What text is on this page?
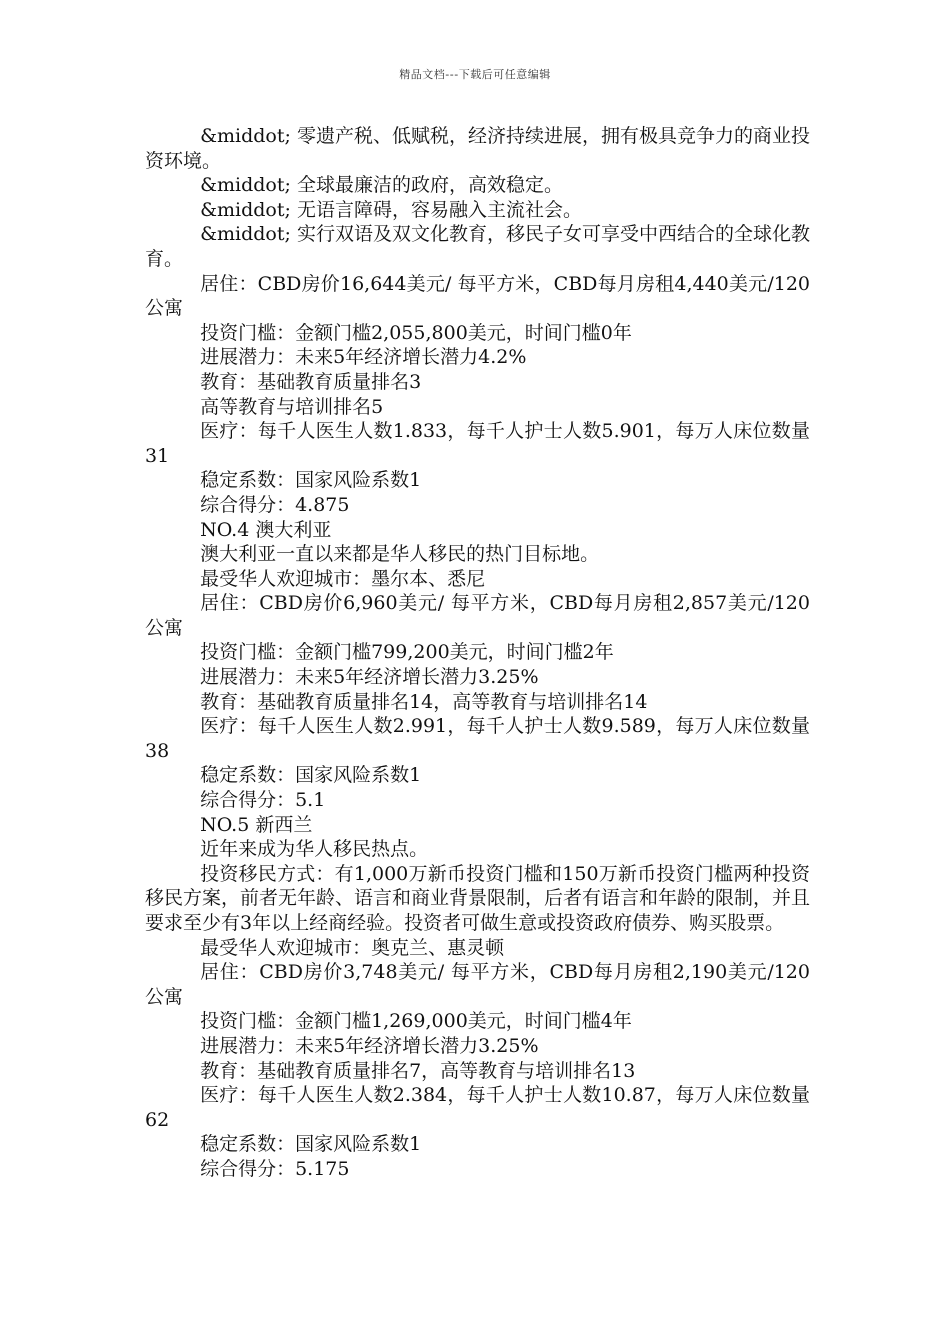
精品文档---下载后可任意编辑

&middot; 零遗产税、低赋税，经济持续进展，拥有极具竞争力的商业投资环境。

&middot; 全球最廉洁的政府，高效稳定。

&middot; 无语言障碍，容易融入主流社会。

&middot; 实行双语及双文化教育，移民子女可享受中西结合的全球化教育。

居住：CBD房价16,644美元/ 每平方米，CBD每月房租4,440美元/120 公寓

投资门槛：金额门槛2,055,800美元，时间门槛0年

进展潜力：未来5年经济增长潜力4.2%

教育：基础教育质量排名3

高等教育与培训排名5

医疗：每千人医生人数1.833，每千人护士人数5.901，每万人床位数量31

稳定系数：国家风险系数1

综合得分：4.875

NO.4 澳大利亚

澳大利亚一直以来都是华人移民的热门目标地。

最受华人欢迎城市：墨尔本、悉尼

居住：CBD房价6,960美元/ 每平方米，CBD每月房租2,857美元/120 公寓

投资门槛：金额门槛799,200美元，时间门槛2年

进展潜力：未来5年经济增长潜力3.25%

教育：基础教育质量排名14，高等教育与培训排名14

医疗：每千人医生人数2.991，每千人护士人数9.589，每万人床位数量38

稳定系数：国家风险系数1

综合得分：5.1

NO.5 新西兰

近年来成为华人移民热点。

投资移民方式：有1,000万新币投资门槛和150万新币投资门槛两种投资移民方案，前者无年龄、语言和商业背景限制，后者有语言和年龄的限制，并且要求至少有3年以上经商经验。投资者可做生意或投资政府债券、购买股票。

最受华人欢迎城市：奥克兰、惠灵顿

居住：CBD房价3,748美元/ 每平方米，CBD每月房租2,190美元/120 公寓

投资门槛：金额门槛1,269,000美元，时间门槛4年

进展潜力：未来5年经济增长潜力3.25%

教育：基础教育质量排名7，高等教育与培训排名13

医疗：每千人医生人数2.384，每千人护士人数10.87，每万人床位数量62

稳定系数：国家风险系数1

综合得分：5.175
